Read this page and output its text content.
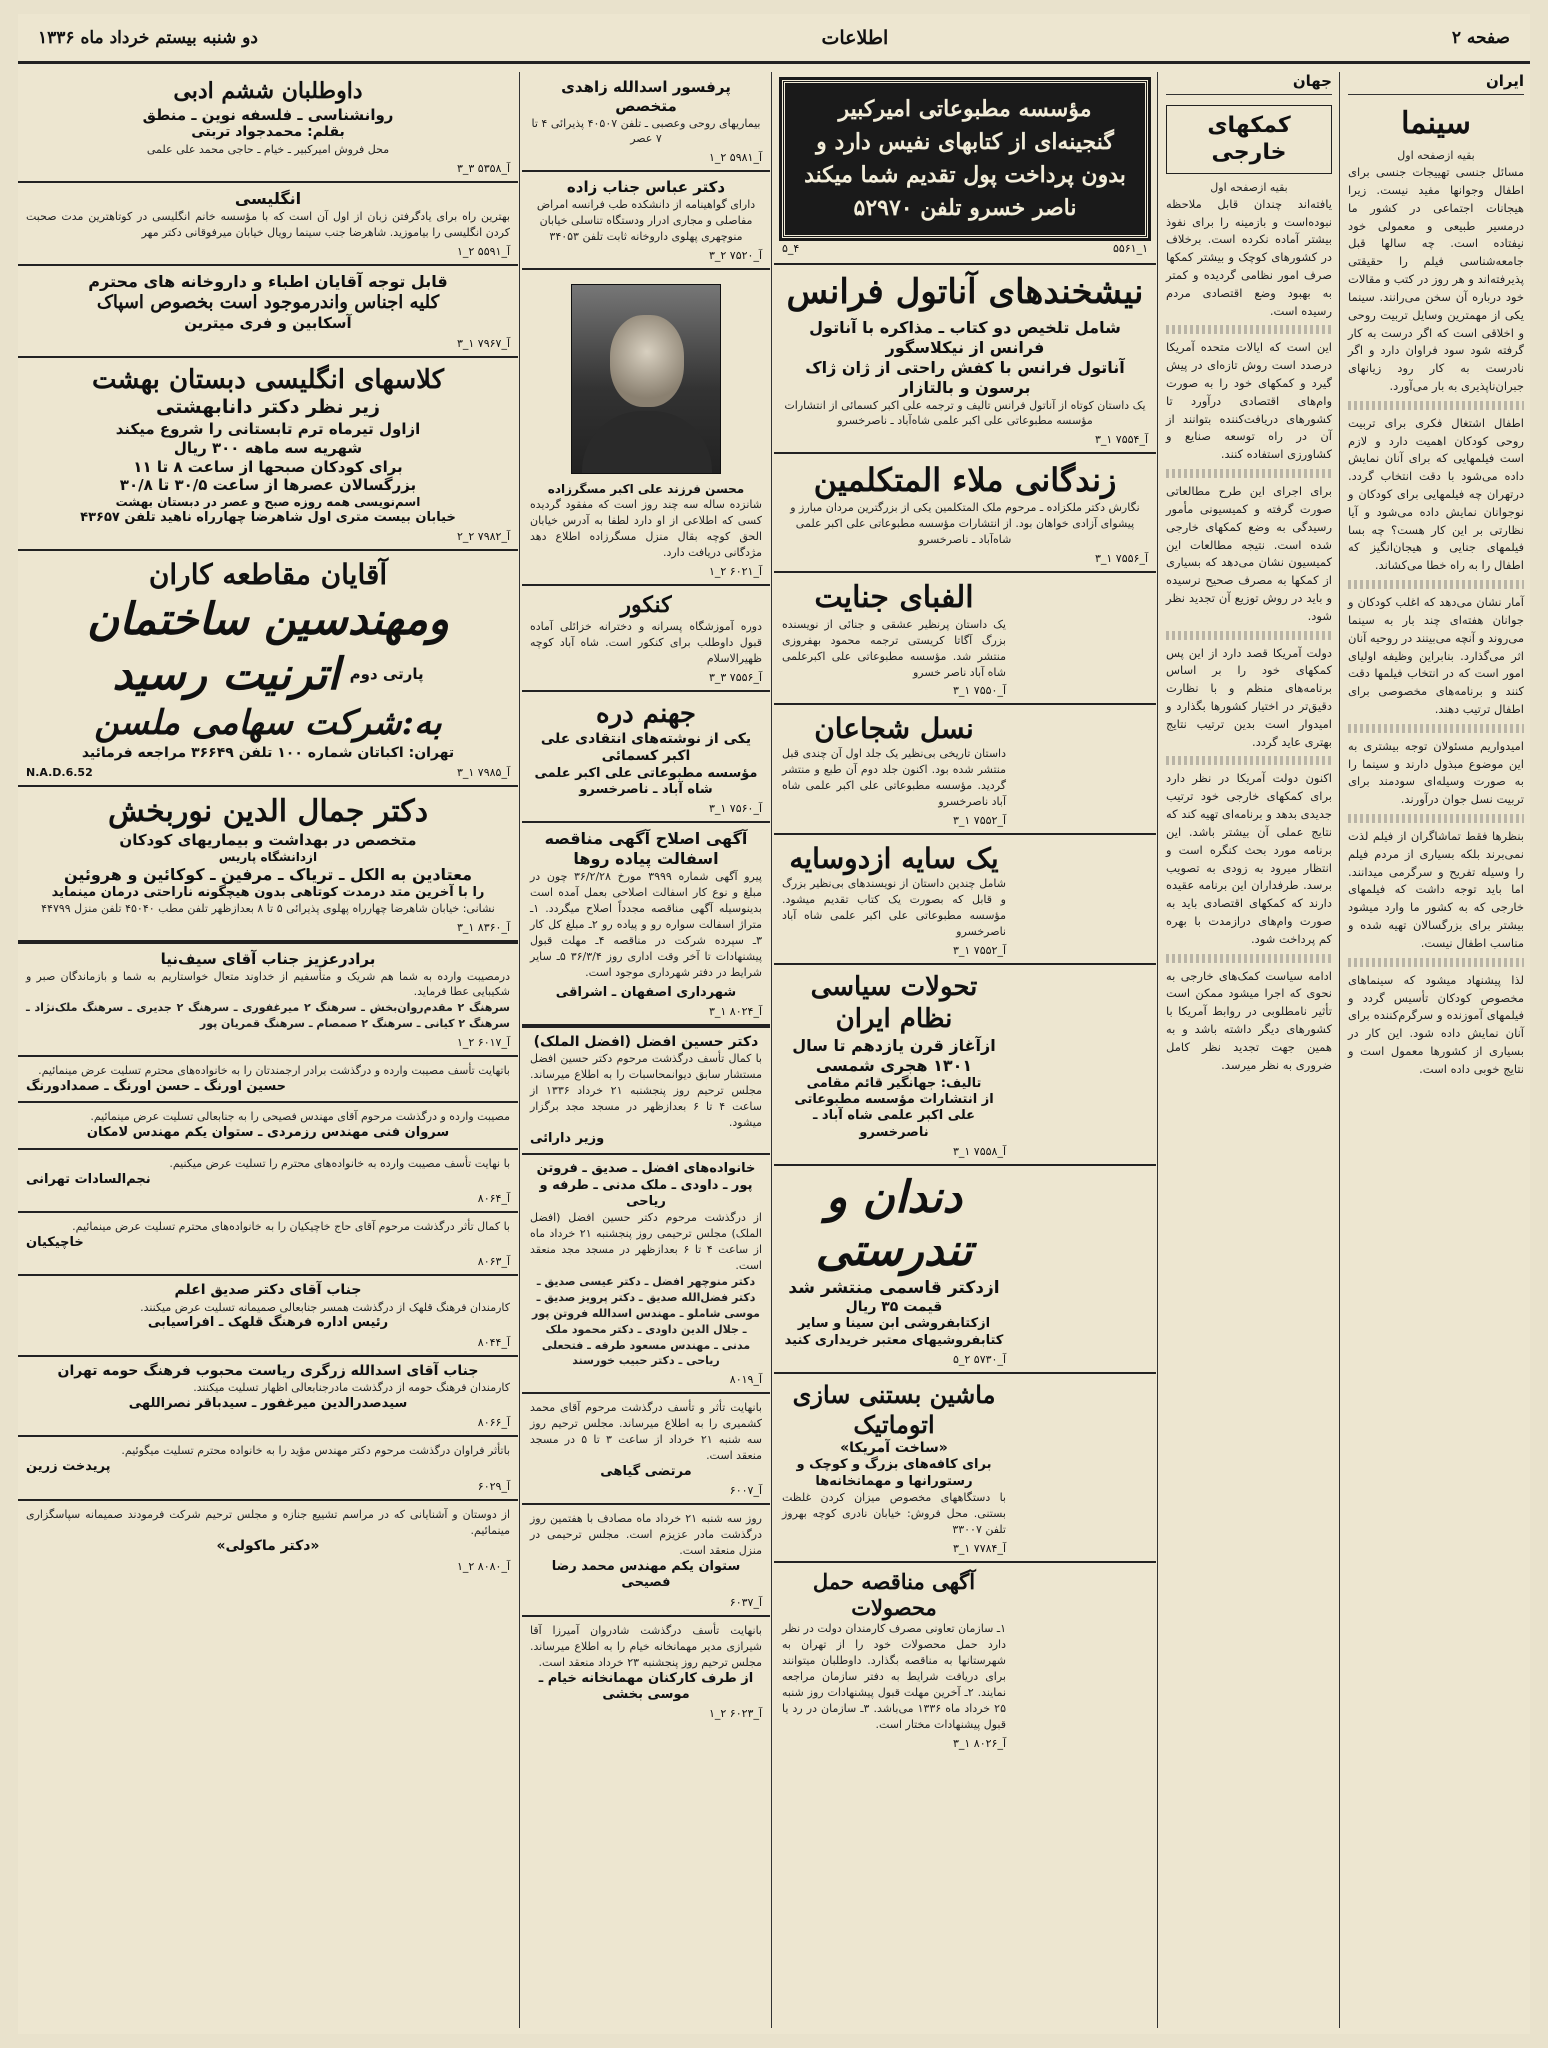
صفحه ۲
اطلاعات
دو شنبه بیستم خرداد ماه ۱۳۳۶
ایران
سینما
بقیه ازصفحه اول

مسائل جنسی تهییجات جنسی برای اطفال وجوانها مفید نیست. زیرا هیجانات اجتماعی در کشور ما درمسیر طبیعی و معمولی خود نیفتاده است. چه سالها قبل جامعه‌شناسی فیلم را حقیقتی پذیرفته‌اند و هر روز در کتب و مقالات خود درباره آن سخن می‌رانند. سینما یکی از مهمترین وسایل تربیت روحی و اخلاقی است که اگر درست به کار گرفته شود سود فراوان دارد و اگر نادرست به کار رود زیانهای جبران‌ناپذیری به بار می‌آورد.

اطفال اشتغال فکری برای تربیت روحی کودکان اهمیت دارد و لازم است فیلمهایی که برای آنان نمایش داده می‌شود با دقت انتخاب گردد. درتهران چه فیلمهایی برای کودکان و نوجوانان نمایش داده می‌شود و آیا نظارتی بر این کار هست؟ چه بسا فیلمهای جنایی و هیجان‌انگیز که اطفال را به راه خطا می‌کشاند.

آمار نشان می‌دهد که اغلب کودکان و جوانان هفته‌ای چند بار به سینما می‌روند و آنچه می‌بینند در روحیه آنان اثر می‌گذارد. بنابراین وظیفه اولیای امور است که در انتخاب فیلمها دقت کنند و برنامه‌های مخصوصی برای اطفال ترتیب دهند.

امیدواریم مسئولان توجه بیشتری به این موضوع مبذول دارند و سینما را به صورت وسیله‌ای سودمند برای تربیت نسل جوان درآورند.

بنظرها فقط تماشاگران از فیلم لذت نمی‌برند بلکه بسیاری از مردم فیلم را وسیله تفریح و سرگرمی میدانند. اما باید توجه داشت که فیلمهای خارجی که به کشور ما وارد میشود بیشتر برای بزرگسالان تهیه شده و مناسب اطفال نیست.

لذا پیشنهاد میشود که سینماهای مخصوص کودکان تأسیس گردد و فیلمهای آموزنده و سرگرم‌کننده برای آنان نمایش داده شود. این کار در بسیاری از کشورها معمول است و نتایج خوبی داده است.

جهان
کمکهای خارجی
بقیه ازصفحه اول

یافته‌اند چندان قابل ملاحظه نبوده‌است و بازمینه را برای نفوذ بیشتر آماده نکرده است. برخلاف در کشورهای کوچک و بیشتر کمکها صرف امور نظامی گردیده و کمتر به بهبود وضع اقتصادی مردم رسیده است.

این است که ایالات متحده آمریکا درصدد است روش تازه‌ای در پیش گیرد و کمکهای خود را به صورت وام‌های اقتصادی درآورد تا کشورهای دریافت‌کننده بتوانند از آن در راه توسعه صنایع و کشاورزی استفاده کنند.

برای اجرای این طرح مطالعاتی صورت گرفته و کمیسیونی مأمور رسیدگی به وضع کمکهای خارجی شده است. نتیجه مطالعات این کمیسیون نشان می‌دهد که بسیاری از کمکها به مصرف صحیح نرسیده و باید در روش توزیع آن تجدید نظر شود.

دولت آمریکا قصد دارد از این پس کمکهای خود را بر اساس برنامه‌های منظم و با نظارت دقیق‌تر در اختیار کشورها بگذارد و امیدوار است بدین ترتیب نتایج بهتری عاید گردد.

اکنون دولت آمریکا در نظر دارد برای کمکهای خارجی خود ترتیب جدیدی بدهد و برنامه‌ای تهیه کند که نتایج عملی آن بیشتر باشد. این برنامه مورد بحث کنگره است و انتظار میرود به زودی به تصویب برسد. طرفداران این برنامه عقیده دارند که کمکهای اقتصادی باید به صورت وام‌های درازمدت با بهره کم پرداخت شود.

ادامه سیاست کمک‌های خارجی به نحوی که اجرا میشود ممکن است تأثیر نامطلوبی در روابط آمریکا با کشورهای دیگر داشته باشد و به همین جهت تجدید نظر کامل ضروری به نظر میرسد.

مؤسسه مطبوعاتی امیرکبیر گنجینه‌ای از کتابهای نفیس دارد و بدون پرداخت پول تقدیم شما میکند ناصر خسرو تلفن ۵۲۹۷۰
۱_۵۵۶۱
۴_۵
نیشخندهای آناتول فرانس
شامل تلخیص دو کتاب ـ مذاکره با آناتول فرانس از نیکلاسگور
آناتول فرانس با کفش راحتی از ژان ژاک برسون و بالتازار

یک داستان کوتاه از آناتول فرانس تالیف و ترجمه علی اکبر کسمائی از انتشارات مؤسسه مطبوعاتی علی اکبر علمی شاه‌آباد ـ ناصرخسرو

آ_۷۵۵۴ ۱_۳
زندگانی ملاء المتکلمین

نگارش دکتر ملکزاده ـ مرحوم ملک المتکلمین یکی از بزرگترین مردان مبارز و پیشوای آزادی خواهان بود. از انتشارات مؤسسه مطبوعاتی علی اکبر علمی شاه‌آباد ـ ناصرخسرو

آ_۷۵۵۶ ۱_۳
الفبای جنایت

یک داستان پرنظیر عشقی و جنائی از نویسنده بزرگ آگاتا کریستی ترجمه محمود بهفروزی منتشر شد. مؤسسه مطبوعاتی علی اکبرعلمی شاه آباد ناصر خسرو

آ_۷۵۵۰ ۱_۳
نسل شجاعان

داستان تاریخی بی‌نظیر یک جلد اول آن چندی قبل منتشر شده بود. اکنون جلد دوم آن طبع و منتشر گردید. مؤسسه مطبوعاتی علی اکبر علمی شاه آباد ناصرخسرو

آ_۷۵۵۲ ۱_۳
یک سایه ازدوسایه

شامل چندین داستان از نویسندهای بی‌نظیر بزرگ و قابل که بصورت یک کتاب تقدیم میشود. مؤسسه مطبوعاتی علی اکبر علمی شاه آباد ناصرخسرو

آ_۷۵۵۲ ۱_۳
تحولات سیاسی نظام ایران
ازآغاز قرن یازدهم تا سال ۱۳۰۱ هجری شمسی
تالیف: جهانگیر قائم مقامی
از انتشارات مؤسسه مطبوعاتی علی اکبر علمی شاه آباد ـ ناصرخسرو
آ_۷۵۵۸ ۱_۳
دندان و تندرستی
ازدکتر قاسمی منتشر شد
قیمت ۳۵ ریال
ازکتابفروشی ابن سینا و سایر کتابفروشیهای معتبر خریداری کنید
آ_۵۷۳۰ ۲_۵
ماشین بستنی سازی اتوماتیک
«ساخت آمریکا»
برای کافه‌های بزرگ و کوچک و رستورانها و مهمانخانه‌ها

با دستگاههای مخصوص میزان کردن غلظت بستنی. محل فروش: خیابان نادری کوچه بهروز تلفن ۳۳۰۰۷

آ_۷۷۸۴ ۱_۳
آگهی مناقصه حمل محصولات

۱ـ سازمان تعاونی مصرف کارمندان دولت در نظر دارد حمل محصولات خود را از تهران به شهرستانها به مناقصه بگذارد. داوطلبان میتوانند برای دریافت شرایط به دفتر سازمان مراجعه نمایند. ۲ـ آخرین مهلت قبول پیشنهادات روز شنبه ۲۵ خرداد ماه ۱۳۳۶ می‌باشد. ۳ـ سازمان در رد یا قبول پیشنهادات مختار است.

آ_۸۰۲۶ ۱_۳
پرفسور اسدالله زاهدی متخصص

بیماریهای روحی وعصبی ـ تلفن ۴۰۵۰۷ پذیرائی ۴ تا ۷ عصر

آ_۵۹۸۱ ۲_۱
دکتر عباس جناب زاده

دارای گواهینامه از دانشکده طب فرانسه امراض مفاصلی و مجاری ادرار ودستگاه تناسلی خیابان منوچهری پهلوی داروخانه ثابت تلفن ۳۴۰۵۳

آ_۷۵۲۰ ۲_۳
محسن فرزند علی اکبر مسگرزاده

شانزده ساله سه چند روز است که مفقود گردیده کسی که اطلاعی از او دارد لطفا به آدرس خیابان الحق کوچه بقال منزل مسگرزاده اطلاع دهد مژدگانی دریافت دارد.

آ_۶۰۲۱ ۲_۱
کنکور

دوره آموزشگاه پسرانه و دخترانه خزائلی آماده قبول داوطلب برای کنکور است. شاه آباد کوچه ظهیرالاسلام

آ_۷۵۵۶ ۳_۳
جهنم دره
یکی از نوشته‌های انتقادی علی اکبر کسمائی
مؤسسه مطبوعاتی علی اکبر علمی شاه آباد ـ ناصرخسرو
آ_۷۵۶۰ ۱_۳
آگهی اصلاح آگهی مناقصه اسفالت پیاده روها

پیرو آگهی شماره ۳۹۹۹ مورخ ۳۶/۲/۲۸ چون در مبلغ و نوع کار اسفالت اصلاحی بعمل آمده است بدینوسیله آگهی مناقصه مجدداً اصلاح میگردد. ۱ـ متراژ اسفالت سواره رو و پیاده رو ۲ـ مبلغ کل کار ۳ـ سپرده شرکت در مناقصه ۴ـ مهلت قبول پیشنهادات تا آخر وقت اداری روز ۳۶/۳/۴ ۵ـ سایر شرایط در دفتر شهرداری موجود است.

شهرداری اصفهان ـ اشراقی
آ_۸۰۲۴ ۱_۳
دکتر حسین افضل (افضل الملک)

با کمال تأسف درگذشت مرحوم دکتر حسین افضل مستشار سابق دیوانمحاسبات را به اطلاع میرساند. مجلس ترحیم روز پنجشنبه ۲۱ خرداد ۱۳۳۶ از ساعت ۴ تا ۶ بعدازظهر در مسجد مجد برگزار میشود.

وزیر دارائی
خانواده‌های افضل ـ صدیق ـ فروتن پور ـ داودی ـ ملک مدنی ـ طرفه و ریاحی

از درگذشت مرحوم دکتر حسین افضل (افضل الملک) مجلس ترحیمی روز پنجشنبه ۲۱ خرداد ماه از ساعت ۴ تا ۶ بعدازظهر در مسجد مجد منعقد است.

دکتر منوچهر افضل ـ دکتر عیسی صدیق ـ دکتر فضل‌الله صدیق ـ دکتر پرویز صدیق ـ موسی شاملو ـ مهندس اسدالله فروتن پور ـ جلال الدین داودی ـ دکتر محمود ملک مدنی ـ مهندس مسعود طرفه ـ فتحعلی ریاحی ـ دکتر حبیب خورسند

آ_۸۰۱۹

بانهایت تأثر و تأسف درگذشت مرحوم آقای محمد کشمیری را به اطلاع میرساند. مجلس ترحیم روز سه شنبه ۲۱ خرداد از ساعت ۳ تا ۵ در مسجد منعقد است.

مرتضی گیاهی
آ_۶۰۰۷

روز سه شنبه ۲۱ خرداد ماه مصادف با هفتمین روز درگذشت مادر عزیزم است. مجلس ترحیمی در منزل منعقد است.

ستوان یکم مهندس محمد رضا فصیحی
آ_۶۰۳۷

بانهایت تأسف درگذشت شادروان آمیرزا آقا شیرازی مدیر مهمانخانه خیام را به اطلاع میرساند. مجلس ترحیم روز پنجشنبه ۲۳ خرداد منعقد است.

از طرف کارکنان مهمانخانه خیام ـ موسی بخشی
آ_۶۰۲۳ ۲_۱
داوطلبان ششم ادبی
روانشناسی ـ فلسفه نوین ـ منطق
بقلم: محمدجواد تربتی
محل فروش امیرکبیر ـ خیام ـ حاجی محمد علی علمی
آ_۵۳۵۸ ۳_۳
انگلیسی

بهترین راه برای یادگرفتن زبان از اول آن است که با مؤسسه خانم انگلیسی در کوتاهترین مدت صحبت کردن انگلیسی را بیاموزید. شاهرضا جنب سینما رویال خیابان میرفوقانی دکتر مهر

آ_۵۵۹۱ ۲_۱
قابل توجه آقایان اطباء و داروخانه های محترم
کلیه اجناس واندرموجود است بخصوص اسپاک
آسکابین و فری میترین
آ_۷۹۶۷ ۱_۳
کلاسهای انگلیسی دبستان بهشت
زیر نظر دکتر دانابهشتی
ازاول تیرماه ترم تابستانی را شروع میکند
شهریه سه ماهه ۳۰۰ ریال
برای کودکان صبحها از ساعت ۸ تا ۱۱
بزرگسالان عصرها از ساعت ۳۰‌/۵ تا ۳۰‌/۸
اسم‌نویسی همه روزه صبح و عصر در دبستان بهشت
خیابان بیست متری اول شاهرضا چهارراه ناهید تلفن ۴۳۶۵۷
آ_۷۹۸۲ ۲_۲
آقایان مقاطعه کاران
ومهندسین ساختمان
پارتی دوم
اترنیت رسید
به:شرکت سهامی ملسن
تهران: اکباتان شماره ۱۰۰ تلفن ۳۶۶۴۹ مراجعه فرمائید
آ_۷۹۸۵ ۱_۳
N.A.D.6.52
دکتر جمال الدین نوربخش
متخصص در بهداشت و بیماریهای کودکان
ازدانشگاه پاریس
معتادین به الکل ـ تریاک ـ مرفین ـ کوکائین و هروئین
را با آخرین متد درمدت کوتاهی بدون هیچگونه ناراحتی درمان مینماید
نشانی: خیابان شاهرضا چهارراه پهلوی پذیرائی ۵ تا ۸ بعدازظهر تلفن مطب ۴۵۰۴۰ تلفن منزل ۴۴۷۹۹
آ_۸۳۶۰ ۱_۳
برادرعزیز جناب آقای سیف‌نیا

درمصیبت وارده به شما هم شریک و متأسفیم از خداوند متعال خواستاریم به شما و بازماندگان صبر و شکیبایی عطا فرماید.

سرهنگ ۲ مقدم‌روان‌بخش ـ سرهنگ ۲ میرغفوری ـ سرهنگ ۲ جدیری ـ سرهنگ ملک‌نژاد ـ سرهنگ ۲ کیانی ـ سرهنگ ۲ صمصام ـ سرهنگ قمریان پور

آ_۶۰۱۷ ۲_۱

باتهایت تأسف مصیبت وارده و درگذشت برادر ارجمندتان را به خانواده‌های محترم تسلیت عرض مینمائیم.

حسین اورنگ ـ حسن اورنگ ـ صمدادورنگ

مصیبت وارده و درگذشت مرحوم آقای مهندس فصیحی را به جنابعالی تسلیت عرض مینمائیم.

سروان فنی مهندس رزمردی ـ ستوان یکم مهندس لامکان

با نهایت تأسف مصیبت وارده به خانواده‌های محترم را تسلیت عرض میکنیم.

نجم‌السادات تهرانی
آ_۸۰۶۴

با کمال تأثر درگذشت مرحوم آقای حاج خاچیکیان را به خانواده‌های محترم تسلیت عرض مینمائیم.

خاچیکیان
آ_۸۰۶۳
جناب آقای دکتر صدیق اعلم

کارمندان فرهنگ قلهک از درگذشت همسر جنابعالی صمیمانه تسلیت عرض میکنند.

رئیس اداره فرهنگ قلهک ـ افراسیابی
آ_۸۰۴۴
جناب آقای اسدالله زرگری ریاست محبوب فرهنگ حومه تهران

کارمندان فرهنگ حومه از درگذشت مادرجنابعالی اظهار تسلیت میکنند.

سیدصدرالدین میرغفور ـ سیدباقر نصراللهی
آ_۸۰۶۶

باتأثر فراوان درگذشت مرحوم دکتر مهندس مؤید را به خانواده محترم تسلیت میگوئیم.

پریدخت زرین
آ_۶۰۲۹

از دوستان و آشنایانی که در مراسم تشییع جنازه و مجلس ترحیم شرکت فرمودند صمیمانه سپاسگزاری مینمائیم.

«دکتر ماکولی»
آ_۸۰۸۰ ۲_۱
